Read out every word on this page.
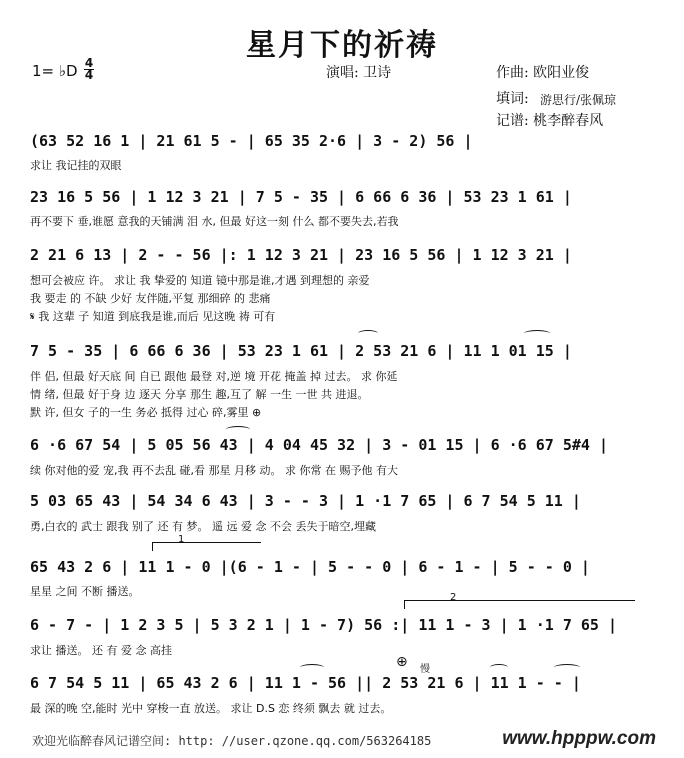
星月下的祈祷
1= ♭D 4
4	演唱: 卫诗	作曲: 欧阳业俊
填词: 游思行/张佩琼
记谱: 桃李醉春风
(63 52 16 1 | 21 61 5 - | 65 35 2·6 | 3 - 2) 56 |
求让 我记挂的双眼
23 16 5 56 | 1 12 3 21 | 7 5 - 35 | 6 66 6 36 | 53 23 1 61 |
再不要下 垂,谁愿 意我的天铺满 泪 水, 但最 好这一刻 什么 都不要失去,若我
2 21 6 13 | 2 - - 56 |: 1 12 3 21 | 23 16 5 56 | 1 12 3 21 |
想可会被应 许。 求让 我 挚爱的 知道 镜中那是谁,才遇 到理想的 亲爱
我 要走 的 不缺 少好 友伴随,平复 那细碎 的 悲痛
𝄋 我 这辈 子 知道 到底我是谁,而后 见这晚 祷 可有
7 5 - 35 | 6 66 6 36 | 53 23 1 61 | 2 53 21 6 | 11 1 01 15 |
伴 侣, 但最 好天底 间 自已 跟他 最登 对,逆 境 开花 掩盖 掉 过去。 求 你延
情 绪, 但最 好于身 边 逐天 分享 那生 趣,互了 解 一生 一世 共 进退。
默 许, 但女 子的一生 务必 抵得 过心 碎,雾里 ⊕
6 ·6 67 54 | 5 05 56 43 | 4 04 45 32 | 3 - 01 15 | 6 ·6 67 5#4 |
续 你对他的爱 宠,我 再不去乱 碰,看 那星 月移 动。 求 你常 在 赐予他 有大
5 03 65 43 | 54 34 6 43 | 3 - - 3 | 1 ·1 7 65 | 6 7 54 5 11 |
勇,白衣的 武士 跟我 别了 还 有 梦。 遥 远 爱 念 不会 丢失于暗空,埋藏
65 43 2 6 | 11 1 - 0 |(6 - 1 - | 5 - - 0 | 6 - 1 - | 5 - - 0 |
星星 之间 不断 播送。
1
2
6 - 7 - | 1 2 3 5 | 5 3 2 1 | 1 - 7) 56 :| 11 1 - 3 | 1 ·1 7 65 |
求让 播送。 还 有 爱 念 高挂
⊕ 慢
6 7 54 5 11 | 65 43 2 6 | 11 1 - 56 || 2 53 21 6 | 11 1 - - |
最 深的晚 空,能时 光中 穿梭一直 放送。 求让 D.S 恋 终须 飘去 就 过去。
欢迎光临醉春风记谱空间: http: //user.qzone.qq.com/563264185	www.hpppw.com
